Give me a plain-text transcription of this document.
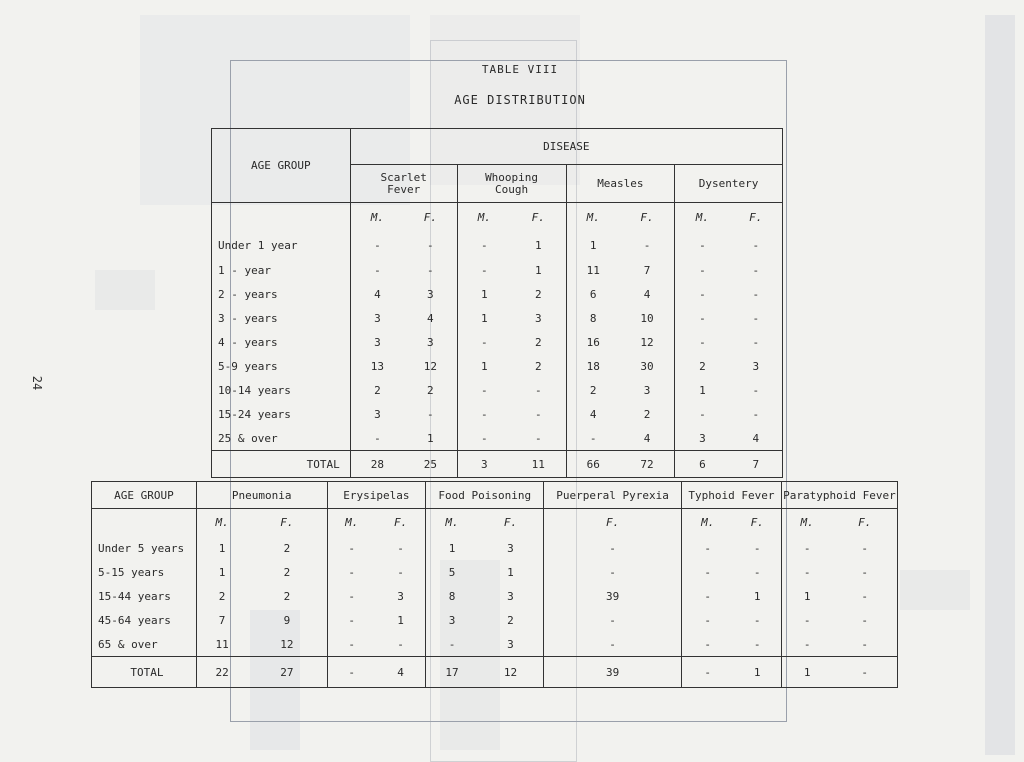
24
TABLE VIII
AGE DISTRIBUTION
AGE GROUP	DISEASE							
	Scarlet Fever		Whooping Cough		Measles		Dysentery	
	M.	F.	M.	F.	M.	F.	M.	F.
Under 1 year	-	-	-	1	1	-	-	-
1 - year	-	-	-	1	11	7	-	-
2 - years	4	3	1	2	6	4	-	-
3 - years	3	4	1	3	8	10	-	-
4 - years	3	3	-	2	16	12	-	-
5-9 years	13	12	1	2	18	30	2	3
10-14 years	2	2	-	-	2	3	1	-
15-24 years	3	-	-	-	4	2	-	-
25 & over	-	1	-	-	-	4	3	4
TOTAL	28	25	3	11	66	72	6	7
AGE GROUP	Pneumonia		Erysipelas		Food Poisoning		Puerperal Pyrexia	Typhoid Fever		Paratyphoid Fever	
	M.	F.	M.	F.	M.	F.	F.	M.	F.	M.	F.
Under 5 years	1	2	-	-	1	3	-	-	-	-	-
5-15 years	1	2	-	-	5	1	-	-	-	-	-
15-44 years	2	2	-	3	8	3	39	-	1	1	-
45-64 years	7	9	-	1	3	2	-	-	-	-	-
65 & over	11	12	-	-	-	3	-	-	-	-	-
TOTAL	22	27	-	4	17	12	39	-	1	1	-
